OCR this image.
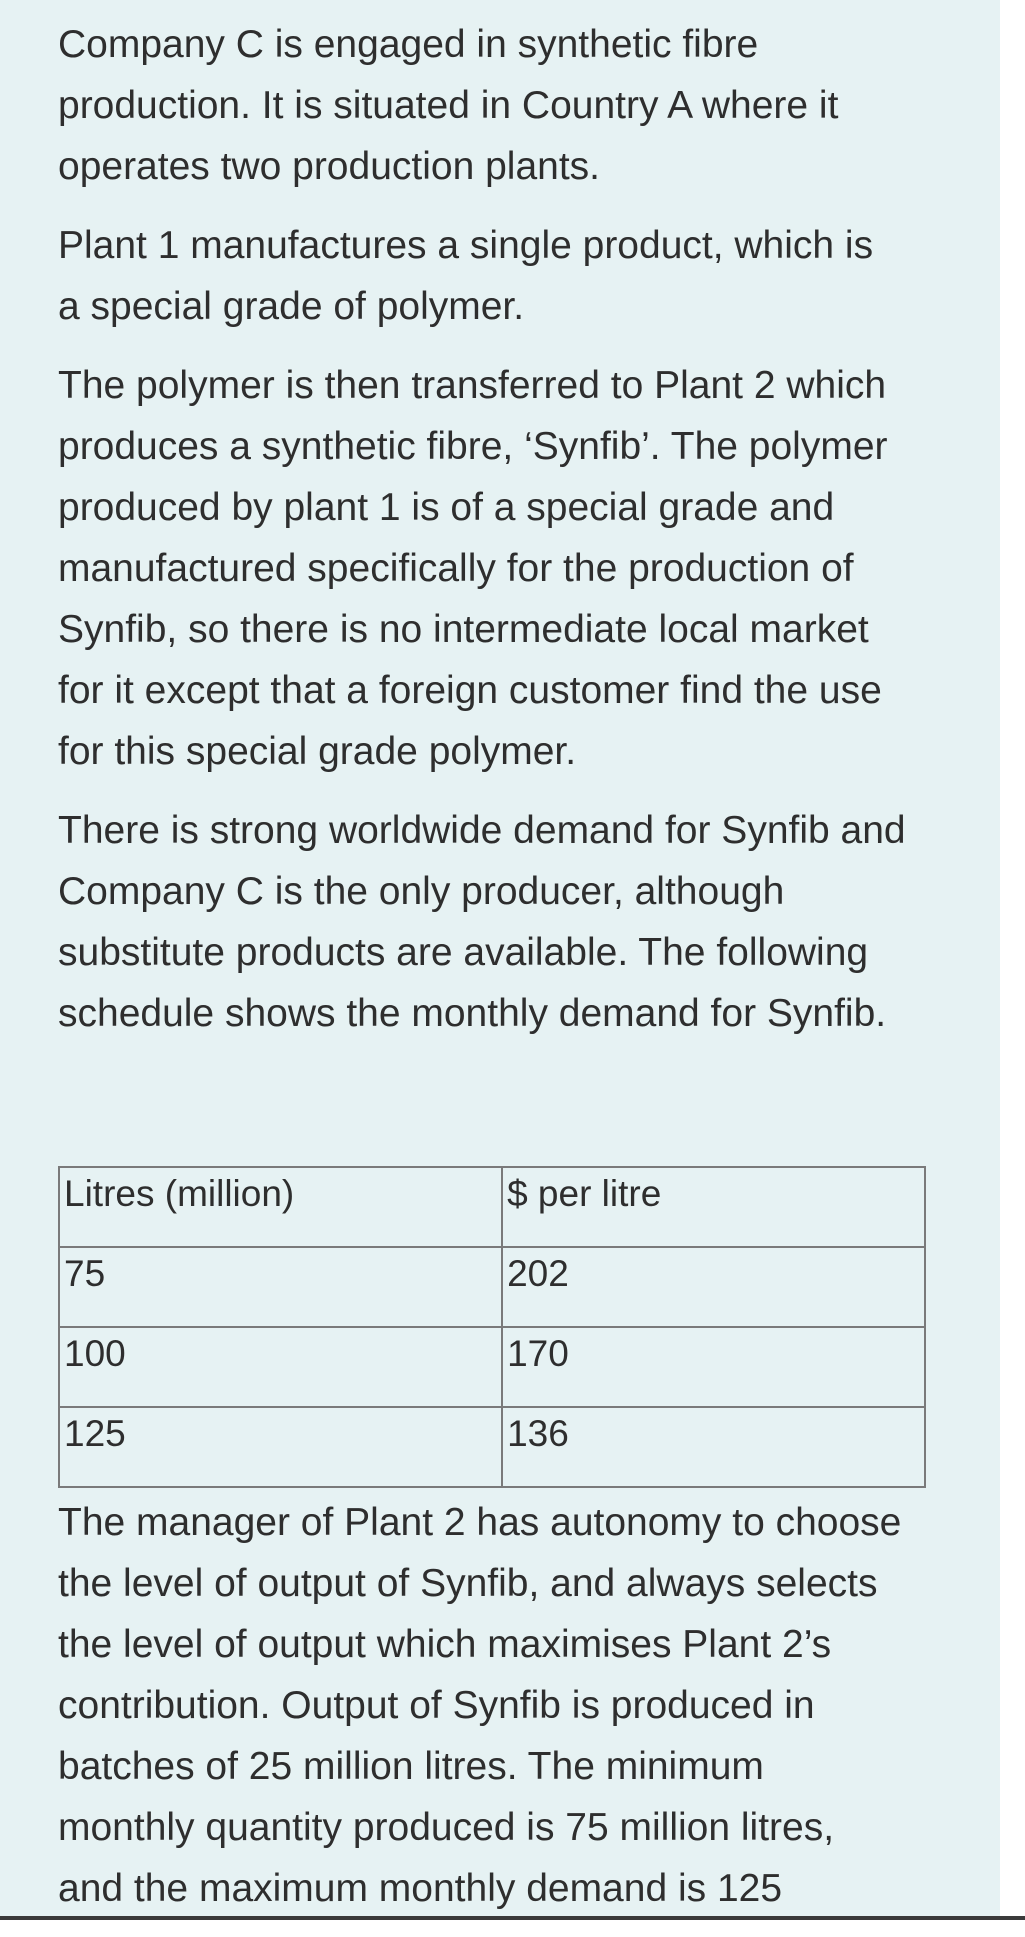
Company C is engaged in synthetic fibre
production. It is situated in Country A where it
operates two production plants.

Plant 1 manufactures a single product, which is
a special grade of polymer.

The polymer is then transferred to Plant 2 which
produces a synthetic fibre, ‘Synfib’. The polymer
produced by plant 1 is of a special grade and
manufactured specifically for the production of
Synfib, so there is no intermediate local market
for it except that a foreign customer find the use
for this special grade polymer.

There is strong worldwide demand for Synfib and
Company C is the only producer, although
substitute products are available. The following
schedule shows the monthly demand for Synfib.

Litres (million)	$ per litre
75	202
100	170
125	136

The manager of Plant 2 has autonomy to choose
the level of output of Synfib, and always selects
the level of output which maximises Plant 2’s
contribution. Output of Synfib is produced in
batches of 25 million litres. The minimum
monthly quantity produced is 75 million litres,
and the maximum monthly demand is 125
